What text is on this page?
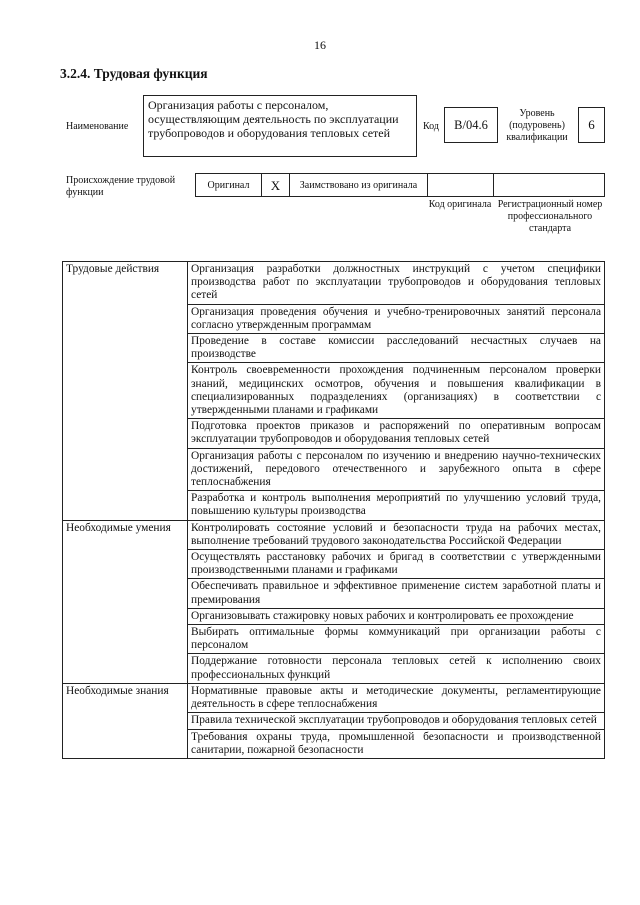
16
3.2.4. Трудовая функция
Наименование
Организация работы с персоналом, осуществляющим деятельность по эксплуатации трубопроводов и оборудования тепловых сетей	Код	В/04.6
Уровень (подуровень) квалификации
6
Происхождение трудовой функции
Оригинал	X	Заимствовано из оригинала
Код оригинала Регистрационный номер профессионального стандарта
Трудовые действия	Организация разработки должностных инструкций с учетом специфики производства работ по эксплуатации трубопроводов и оборудования тепловых сетей
	Организация проведения обучения и учебно-тренировочных занятий персонала согласно утвержденным программам
	Проведение в составе комиссии расследований несчастных случаев на производстве
	Контроль своевременности прохождения подчиненным персоналом проверки знаний, медицинских осмотров, обучения и повышения квалификации в специализированных подразделениях (организациях) в соответствии с утвержденными планами и графиками
	Подготовка проектов приказов и распоряжений по оперативным вопросам эксплуатации трубопроводов и оборудования тепловых сетей
	Организация работы с персоналом по изучению и внедрению научно-технических достижений, передового отечественного и зарубежного опыта в сфере теплоснабжения
	Разработка и контроль выполнения мероприятий по улучшению условий труда, повышению культуры производства
Необходимые умения	Контролировать состояние условий и безопасности труда на рабочих местах, выполнение требований трудового законодательства Российской Федерации
	Осуществлять расстановку рабочих и бригад в соответствии с утвержденными производственными планами и графиками
	Обеспечивать правильное и эффективное применение систем заработной платы и премирования
	Организовывать стажировку новых рабочих и контролировать ее прохождение
	Выбирать оптимальные формы коммуникаций при организации работы с персоналом
	Поддержание готовности персонала тепловых сетей к исполнению своих профессиональных функций
Необходимые знания	Нормативные правовые акты и методические документы, регламентирующие деятельность в сфере теплоснабжения
	Правила технической эксплуатации трубопроводов и оборудования тепловых сетей
	Требования охраны труда, промышленной безопасности и производственной санитарии, пожарной безопасности
